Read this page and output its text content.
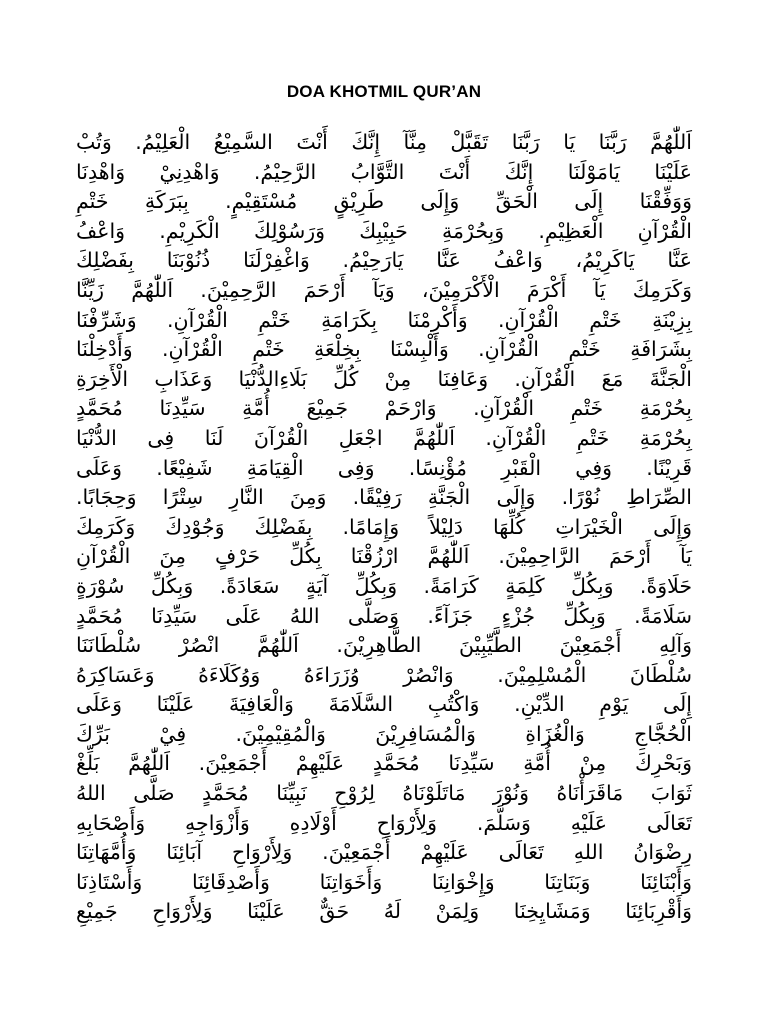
DOA KHOTMIL QUR’AN
اَللّٰهُمَّ رَبَّنَا يَا رَبَّنَا تَقَبَّلْ مِنَّآ إِنَّكَ أَنْتَ السَّمِيْعُ الْعَلِيْمُ. وَتُبْ
عَلَيْنَا يَامَوْلَنَا إِنَّكَ أَنْتَ التَّوَّابُ الرَّحِيْمُ. وَاهْدِنِيْ وَاهْدِنَا
وَوَفِّقْنَا إِلَى الْحَقِّ وَإِلَى طَرِيْقٍ مُسْتَقِيْمٍ. بِبَرَكَةِ خَتْمِ
الْقُرْآنِ الْعَظِيْمِ. وَبِحُرْمَةِ حَبِيْبِكَ وَرَسُوْلِكَ الْكَرِيْمِ. وَاعْفُ
عَنَّا يَاكَرِيْمُ، وَاعْفُ عَنَّا يَارَحِيْمُ. وَاغْفِرْلَنَا ذُنُوْبَنَا بِفَضْلِكَ
وَكَرَمِكَ يَآ أَكْرَمَ الْأَكْرَمِيْنَ، وَيَآ أَرْحَمَ الرَّحِمِيْنَ. اَللّٰهُمَّ زَيِّنَّا
بِزِيْنَةِ خَتْمِ الْقُرْآنِ. وَأَكْرِمْنَا بِكَرَامَةِ خَتْمِ الْقُرْآنِ. وَشَرِّفْنَا
بِشَرَافَةِ خَتْمِ الْقُرْآنِ. وَأَلْبِسْنَا بِخِلْعَةِ خَتْمِ الْقُرْآنِ. وَأَدْخِلْنَا
الْجَنَّةَ مَعَ الْقُرْآنِ. وَعَافِنَا مِنْ كُلِّ بَلَاءِالدُّنْيَا وَعَذَابِ الْأَخِرَةِ
بِحُرْمَةِ خَتْمِ الْقُرْآنِ. وَارْحَمْ جَمِيْعَ أُمَّةِ سَيِّدِنَا مُحَمَّدٍ
بِحُرْمَةِ خَتْمِ الْقُرْآنِ. اَللّٰهُمَّ اجْعَلِ الْقُرْآنَ لَنَا فِى الدُّنْيَا
قَرِيْنًا. وَفِي الْقَبْرِ مُؤْنِسًا. وَفِى الْقِيَامَةِ شَفِيْعًا. وَعَلَى
الصِّرَاطِ نُوْرًا. وَإِلَى الْجَنَّةِ رَفِيْقًا. وَمِنَ النَّارِ سِتْرًا وَحِجَابًا.
وَإِلَى الْخَيْرَاتِ كُلِّهَا دَلِيْلاً وَإِمَامًا. بِفَضْلِكَ وَجُوْدِكَ وَكَرَمِكَ
يَآ أَرْحَمَ الرَّاحِمِيْنَ. اَللّٰهُمَّ ارْزُقْنَا بِكُلِّ حَرْفٍ مِنَ الْقُرْآنِ
حَلَاوَةً. وَبِكُلِّ كَلِمَةٍ كَرَامَةً. وَبِكُلِّ آيَةٍ سَعَادَةً. وَبِكُلِّ سُوْرَةٍ
سَلَامَةً. وَبِكُلِّ جُزْءٍ جَزَآءً. وَصَلَّى اللهُ عَلَى سَيِّدِنَا مُحَمَّدٍ
وَآلِهِ أَجْمَعِيْنَ الطَّيِّبِيْنَ الطَّاهِرِيْنَ. اَللّٰهُمَّ انْصُرْ سُلْطَانَنَا
سُلْطَانَ الْمُسْلِمِيْنَ. وَانْصُرْ وُزَرَاءَهُ وَوُكَلَاءَهُ وَعَسَاكِرَهُ
إِلَى يَوْمِ الدِّيْنِ. وَاكْتُبِ السَّلَامَةَ وَالْعَافِيَةَ عَلَيْنَا وَعَلَى
الْحُجَّاجِ وَالْغُزَاةِ وَالْمُسَافِرِيْنَ وَالْمُقِيْمِيْنَ. فِيْ بَرِّكَ
وَبَحْرِكَ مِنْ أُمَّةِ سَيِّدِنَا مُحَمَّدٍ عَلَيْهِمْ أَجْمَعِيْنَ. اَللّٰهُمَّ بَلِّغْ
ثَوَابَ مَاقَرَأْنَاهُ وَنُوْرَ مَاتَلَوْنَاهُ لِرُوْحِ نَبِيِّنَا مُحَمَّدٍ صَلَّى اللهُ
تَعَالَى عَلَيْهِ وَسَلَّمَ. وَلِأَرْوَاحِ أَوْلَادِهِ وَأَزْوَاجِهِ وَأَصْحَابِهِ
رِضْوَانُ اللهِ تَعَالَى عَلَيْهِمْ أَجْمَعِيْنَ. وَلِأَرْوَاحِ آبَائِنَا وَأُمَّهَاتِنَا
وَأَبْنَائِنَا وَبَنَاتِنَا وَإِخْوَانِنَا وَأَخَوَاتِنَا وَأَصْدِقَائِنَا وَأَسْتَاذِنَا
وَأَقْرِبَائِنَا وَمَشَايِخِنَا وَلِمَنْ لَهُ حَقٌّ عَلَيْنَا وَلِأَرْوَاحِ جَمِيْعِ
